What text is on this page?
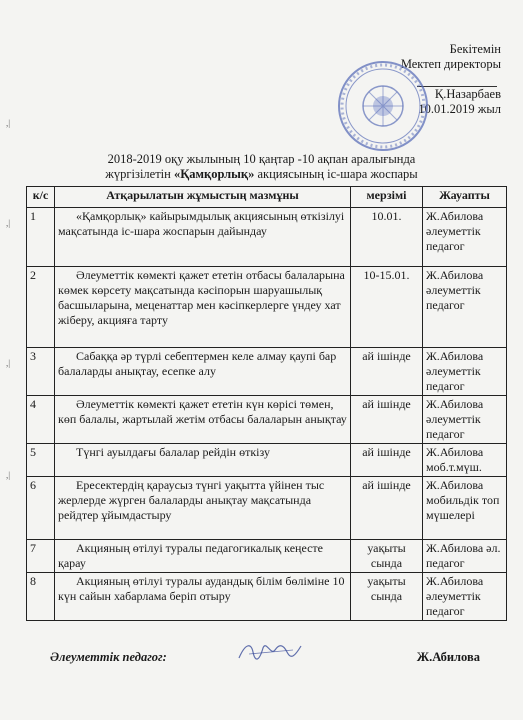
,|
,|
,|
,|
Бекітемін
Мектеп директоры
Қ.Назарбаев
10.01.2019 жыл
2018-2019 оқу жылының 10 қаңтар -10 ақпан аралығында
жүргізілетін «Қамқорлық» акциясының іс-шара жоспары
к/с	Атқарылатын жұмыстың мазмұны	мерзімі	Жауапты
1	«Қамқорлық» кайырымдылық акциясының өткізілуі мақсатында іс-шара жоспарын дайындау	10.01.	Ж.Абилова әлеуметтік педагог
2	Әлеуметтік көмекті қажет ететін отбасы балаларына көмек көрсету мақсатында кәсіпорын шаруашылық басшыларына, меценаттар мен кәсіпкерлерге үндеу хат жіберу, акцияға тарту	10-15.01.	Ж.Абилова әлеуметтік педагог
3	Сабаққа әр түрлі себептермен келе алмау қаупі бар балаларды анықтау, есепке алу	ай ішінде	Ж.Абилова әлеуметтік педагог
4	Әлеуметтік көмекті қажет ететін күн көрісі төмен, көп балалы, жартылай жетім отбасы балаларын анықтау	ай ішінде	Ж.Абилова әлеуметтік педагог
5	Түнгі ауылдағы балалар рейдін өткізу	ай ішінде	Ж.Абилова моб.т.мүш.
6	Ересектердің қараусыз түнгі уақытта үйінен тыс жерлерде жүрген балаларды анықтау мақсатында рейдтер ұйымдастыру	ай ішінде	Ж.Абилова мобильдік топ мүшелері
7	Акцияның өтілуі туралы педагогикалық кеңесте қарау	уақыты сында	Ж.Абилова әл. педагог
8	Акцияның өтілуі туралы аудандық білім бөліміне 10 күн сайын хабарлама беріп отыру	уақыты сында	Ж.Абилова әлеуметтік педагог
Әлеуметтік педагог:	Ж.Абилова
